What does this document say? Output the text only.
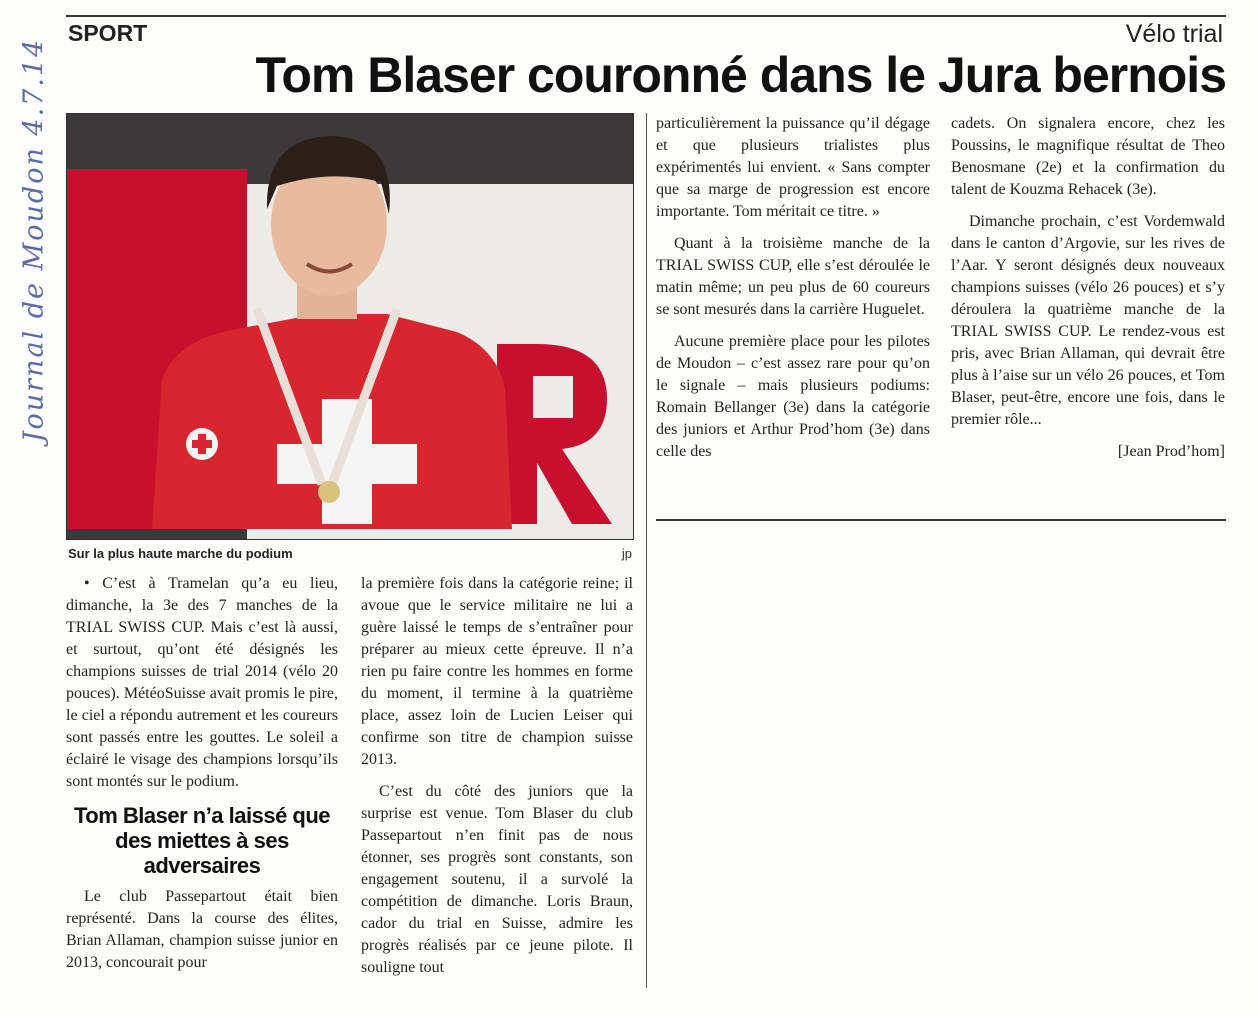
Journal de Moudon 4.7.14
SPORT	Vélo trial
Tom Blaser couronné dans le Jura bernois
Sur la plus haute marche du podium	jp

• C’est à Tramelan qu’a eu lieu, dimanche, la 3e des 7 manches de la TRIAL SWISS CUP. Mais c’est là aussi, et surtout, qu’ont été désignés les champions suisses de trial 2014 (vélo 20 pouces). MétéoSuisse avait promis le pire, le ciel a répondu autrement et les coureurs sont passés entre les gouttes. Le soleil a éclairé le visage des champions lorsqu’ils sont montés sur le podium.

Tom Blaser n’a laissé que des miettes à ses adversaires

Le club Passepartout était bien représenté. Dans la course des élites, Brian Allaman, champion suisse junior en 2013, concourait pour

la première fois dans la catégorie reine; il avoue que le service militaire ne lui a guère laissé le temps de s’entraîner pour préparer au mieux cette épreuve. Il n’a rien pu faire contre les hommes en forme du moment, il termine à la quatrième place, assez loin de Lucien Leiser qui confirme son titre de champion suisse 2013.

C’est du côté des juniors que la surprise est venue. Tom Blaser du club Passepartout n’en finit pas de nous étonner, ses progrès sont constants, son engagement soutenu, il a survolé la compétition de dimanche. Loris Braun, cador du trial en Suisse, admire les progrès réalisés par ce jeune pilote. Il souligne tout

particulièrement la puissance qu’il dégage et que plusieurs trialistes plus expérimentés lui envient. « Sans compter que sa marge de progression est encore importante. Tom méritait ce titre. »

Quant à la troisième manche de la TRIAL SWISS CUP, elle s’est déroulée le matin même; un peu plus de 60 coureurs se sont mesurés dans la carrière Huguelet.

Aucune première place pour les pilotes de Moudon – c’est assez rare pour qu’on le signale – mais plusieurs podiums: Romain Bellanger (3e) dans la catégorie des juniors et Arthur Prod’hom (3e) dans celle des

cadets. On signalera encore, chez les Poussins, le magnifique résultat de Theo Benosmane (2e) et la confirmation du talent de Kouzma Rehacek (3e).

Dimanche prochain, c’est Vordemwald dans le canton d’Argovie, sur les rives de l’Aar. Y seront désignés deux nouveaux champions suisses (vélo 26 pouces) et s’y déroulera la quatrième manche de la TRIAL SWISS CUP. Le rendez-vous est pris, avec Brian Allaman, qui devrait être plus à l’aise sur un vélo 26 pouces, et Tom Blaser, peut-être, encore une fois, dans le premier rôle...

[Jean Prod’hom]
